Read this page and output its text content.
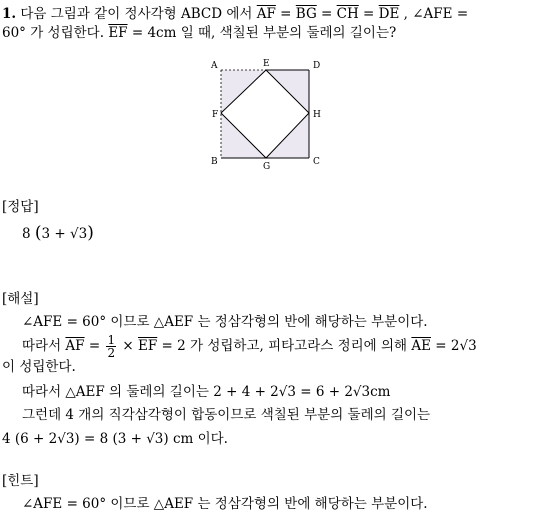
1. 다음 그림과 같이 정사각형 ABCD 에서 $\overline{AF} = \overline{BG} = \overline{CH} = \overline{DE}$ , ∠AFE =
60° 가 성립한다. $\overline{EF} = 4cm$ 일 때, 색칠된 부분의 둘레의 길이는?
A	E	D
F	H
B	G	C
[정답]
8 (3 + √3)
[해설]
∠AFE = 60° 이므로 △AEF 는 정삼각형의 반에 해당하는 부분이다.
따라서 $\overline{AF} = \frac{1}{2} \times \overline{EF} = 2$ 가 성립하고, 피타고라스 정리에 의해 $\overline{AE} = 2√3$
이 성립한다.
따라서 △AEF 의 둘레의 길이는 2 + 4 + 2√3 = 6 + 2√3cm
그런데 4 개의 직각삼각형이 합동이므로 색칠된 부분의 둘레의 길이는
4 (6 + 2√3) = 8 (3 + √3) cm 이다.
[힌트]
∠AFE = 60° 이므로 △AEF 는 정삼각형의 반에 해당하는 부분이다.
